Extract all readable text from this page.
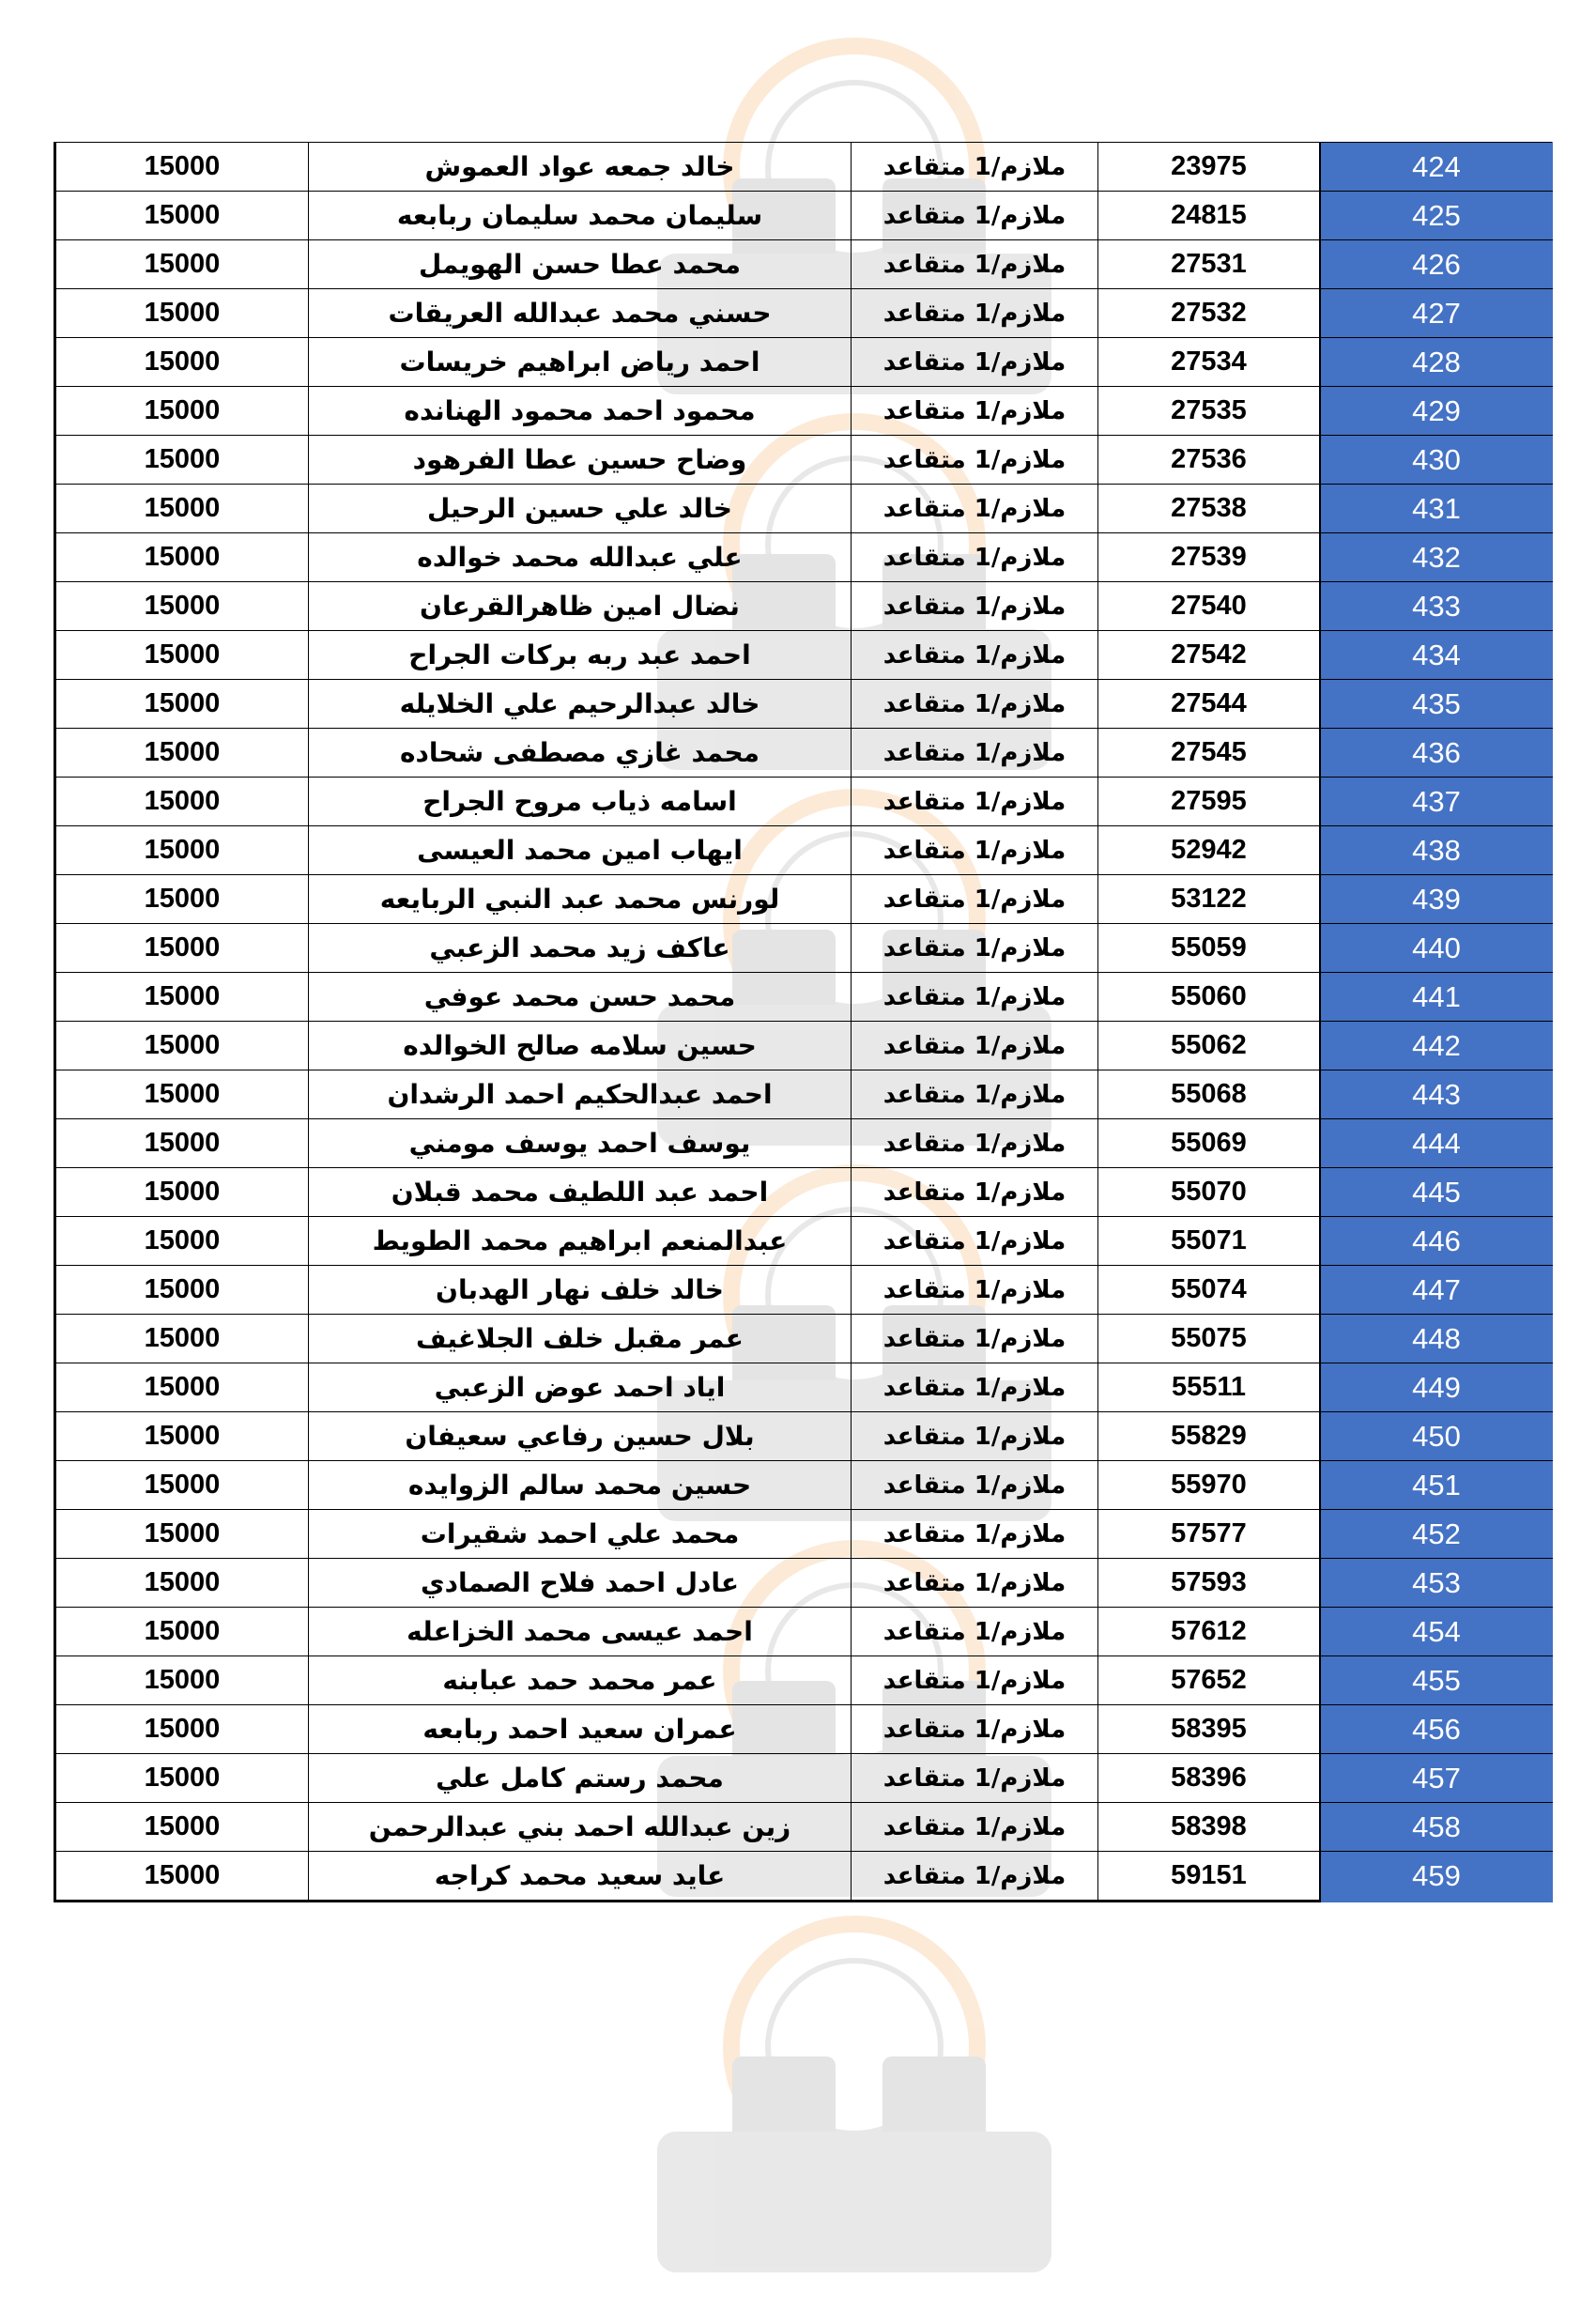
15000	خالد جمعه عواد العموش	ملازم/1 متقاعد	23975	424
15000	سليمان محمد سليمان ربابعه	ملازم/1 متقاعد	24815	425
15000	محمد عطا حسن الهويمل	ملازم/1 متقاعد	27531	426
15000	حسني محمد عبدالله العريقات	ملازم/1 متقاعد	27532	427
15000	احمد رياض ابراهيم خريسات	ملازم/1 متقاعد	27534	428
15000	محمود احمد محمود الهنانده	ملازم/1 متقاعد	27535	429
15000	وضاح حسين عطا الفرهود	ملازم/1 متقاعد	27536	430
15000	خالد علي حسين الرحيل	ملازم/1 متقاعد	27538	431
15000	علي عبدالله محمد خوالده	ملازم/1 متقاعد	27539	432
15000	نضال امين ظاهرالقرعان	ملازم/1 متقاعد	27540	433
15000	احمد عبد ربه بركات الجراح	ملازم/1 متقاعد	27542	434
15000	خالد عبدالرحيم علي الخلايله	ملازم/1 متقاعد	27544	435
15000	محمد غازي مصطفى شحاده	ملازم/1 متقاعد	27545	436
15000	اسامه ذياب مروح الجراح	ملازم/1 متقاعد	27595	437
15000	ايهاب امين محمد العيسى	ملازم/1 متقاعد	52942	438
15000	لورنس محمد عبد النبي الربايعه	ملازم/1 متقاعد	53122	439
15000	عاكف زيد محمد الزعبي	ملازم/1 متقاعد	55059	440
15000	محمد حسن محمد عوفي	ملازم/1 متقاعد	55060	441
15000	حسين سلامه صالح الخوالده	ملازم/1 متقاعد	55062	442
15000	احمد عبدالحكيم احمد الرشدان	ملازم/1 متقاعد	55068	443
15000	يوسف احمد يوسف مومني	ملازم/1 متقاعد	55069	444
15000	احمد عبد اللطيف محمد قبلان	ملازم/1 متقاعد	55070	445
15000	عبدالمنعم ابراهيم محمد الطويط	ملازم/1 متقاعد	55071	446
15000	خالد خلف نهار الهدبان	ملازم/1 متقاعد	55074	447
15000	عمر مقبل خلف الجلاغيف	ملازم/1 متقاعد	55075	448
15000	اياد احمد عوض الزعبي	ملازم/1 متقاعد	55511	449
15000	بلال حسين رفاعي سعيفان	ملازم/1 متقاعد	55829	450
15000	حسين محمد سالم الزوايده	ملازم/1 متقاعد	55970	451
15000	محمد علي احمد شقيرات	ملازم/1 متقاعد	57577	452
15000	عادل احمد فلاح الصمادي	ملازم/1 متقاعد	57593	453
15000	احمد عيسى محمد الخزاعله	ملازم/1 متقاعد	57612	454
15000	عمر محمد حمد عبابنه	ملازم/1 متقاعد	57652	455
15000	عمران سعيد احمد ربابعه	ملازم/1 متقاعد	58395	456
15000	محمد رستم كامل علي	ملازم/1 متقاعد	58396	457
15000	زين عبدالله احمد بني عبدالرحمن	ملازم/1 متقاعد	58398	458
15000	عايد سعيد محمد كراجه	ملازم/1 متقاعد	59151	459
